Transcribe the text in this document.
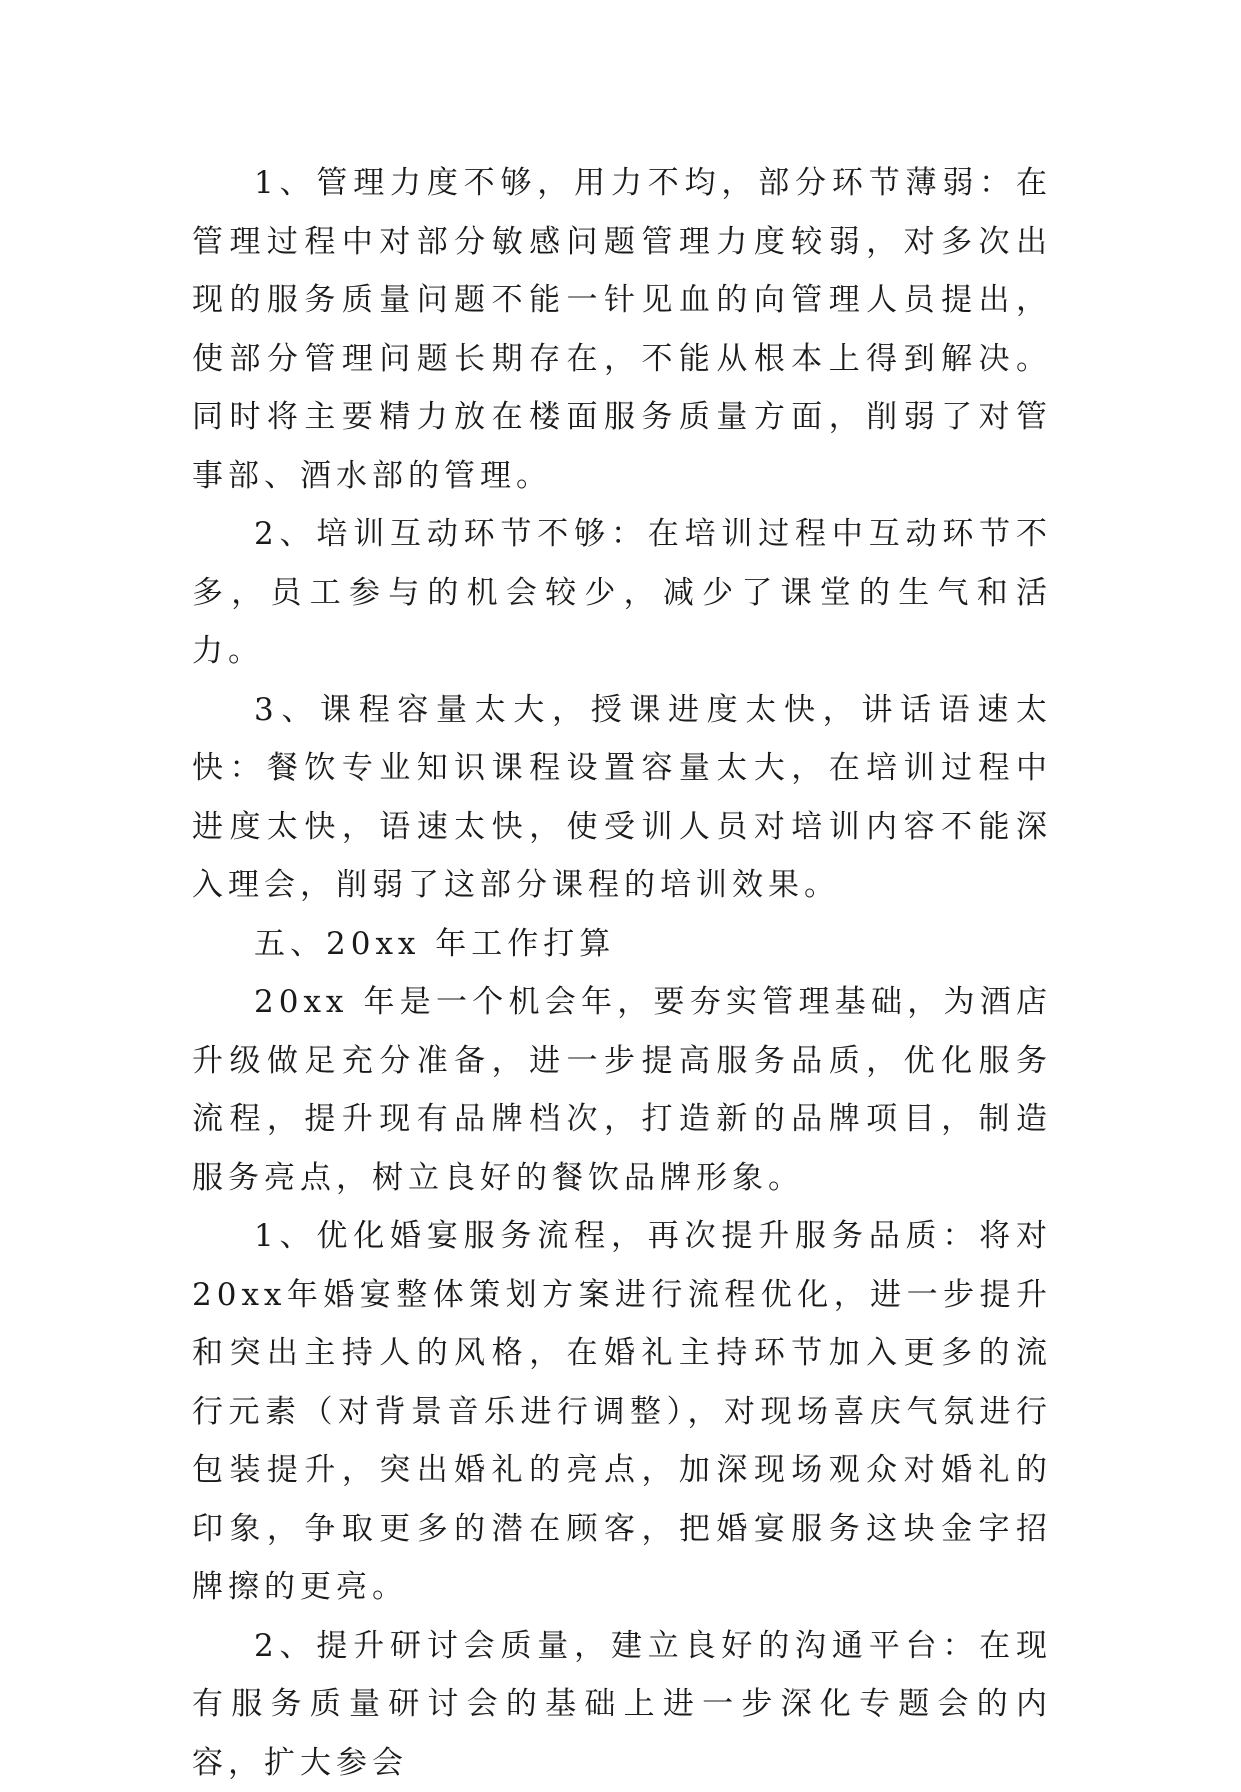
1、管理力度不够，用力不均，部分环节薄弱：在管理过程中对部分敏感问题管理力度较弱，对多次出现的服务质量问题不能一针见血的向管理人员提出，使部分管理问题长期存在，不能从根本上得到解决。同时将主要精力放在楼面服务质量方面，削弱了对管事部、酒水部的管理。

2、培训互动环节不够：在培训过程中互动环节不多，员工参与的机会较少，减少了课堂的生气和活力。

3、课程容量太大，授课进度太快，讲话语速太快：餐饮专业知识课程设置容量太大，在培训过程中进度太快，语速太快，使受训人员对培训内容不能深入理会，削弱了这部分课程的培训效果。

五、20xx 年工作打算

20xx 年是一个机会年，要夯实管理基础，为酒店升级做足充分准备，进一步提高服务品质，优化服务流程，提升现有品牌档次，打造新的品牌项目，制造服务亮点，树立良好的餐饮品牌形象。

1、优化婚宴服务流程，再次提升服务品质：将对 20xx年婚宴整体策划方案进行流程优化，进一步提升和突出主持人的风格，在婚礼主持环节加入更多的流行元素（对背景音乐进行调整），对现场喜庆气氛进行包装提升，突出婚礼的亮点，加深现场观众对婚礼的印象，争取更多的潜在顾客，把婚宴服务这块金字招牌擦的更亮。

2、提升研讨会质量，建立良好的沟通平台：在现有服务质量研讨会的基础上进一步深化专题会的内容，扩大参会
